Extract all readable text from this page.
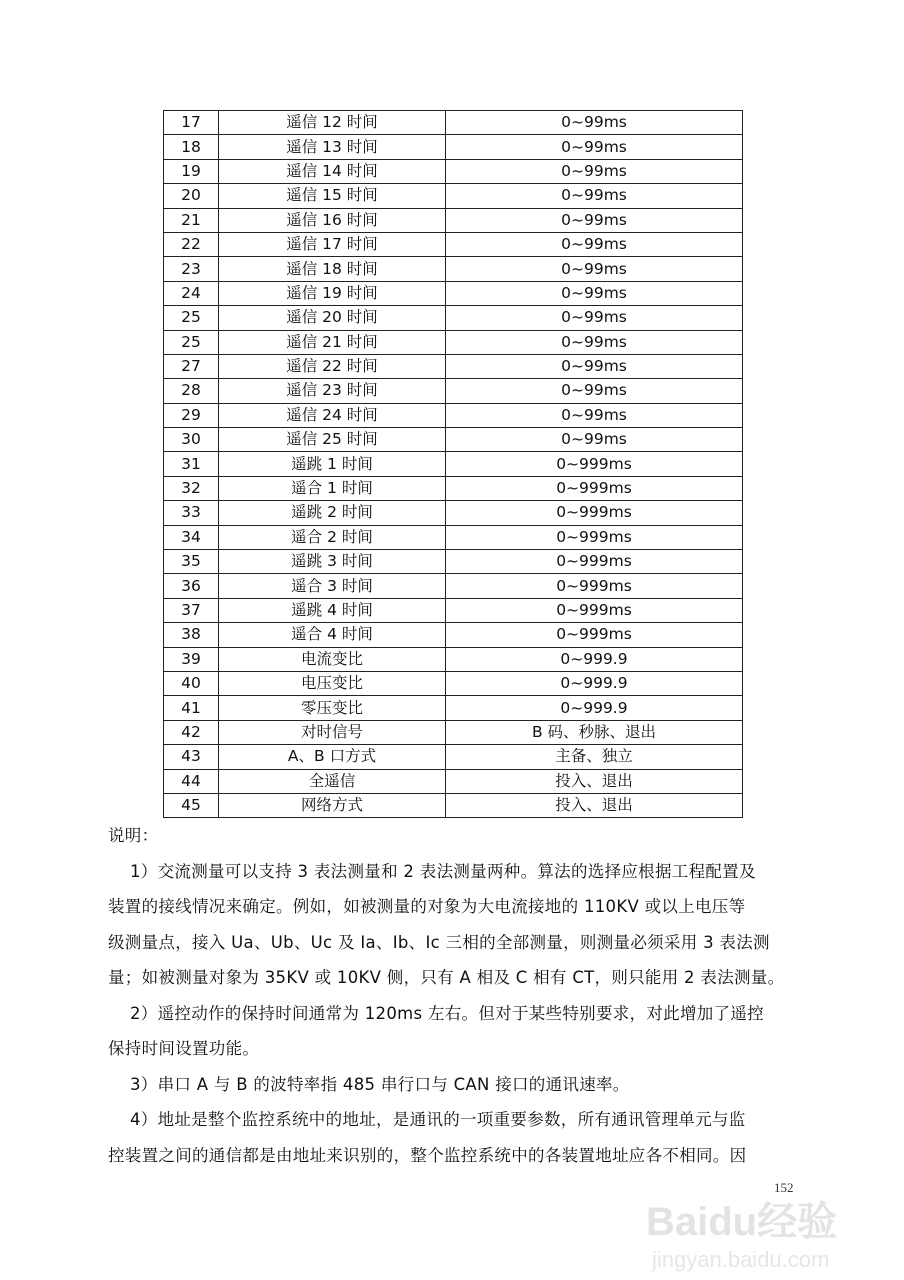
17	遥信 12 时间	0~99ms
18	遥信 13 时间	0~99ms
19	遥信 14 时间	0~99ms
20	遥信 15 时间	0~99ms
21	遥信 16 时间	0~99ms
22	遥信 17 时间	0~99ms
23	遥信 18 时间	0~99ms
24	遥信 19 时间	0~99ms
25	遥信 20 时间	0~99ms
25	遥信 21 时间	0~99ms
27	遥信 22 时间	0~99ms
28	遥信 23 时间	0~99ms
29	遥信 24 时间	0~99ms
30	遥信 25 时间	0~99ms
31	遥跳 1 时间	0~999ms
32	遥合 1 时间	0~999ms
33	遥跳 2 时间	0~999ms
34	遥合 2 时间	0~999ms
35	遥跳 3 时间	0~999ms
36	遥合 3 时间	0~999ms
37	遥跳 4 时间	0~999ms
38	遥合 4 时间	0~999ms
39	电流变比	0~999.9
40	电压变比	0~999.9
41	零压变比	0~999.9
42	对时信号	B 码、秒脉、退出
43	A、B 口方式	主备、独立
44	全遥信	投入、退出
45	网络方式	投入、退出
说明：
1）交流测量可以支持 3 表法测量和 2 表法测量两种。算法的选择应根据工程配置及
装置的接线情况来确定。例如，如被测量的对象为大电流接地的 110KV 或以上电压等
级测量点，接入 Ua、Ub、Uc 及 Ia、Ib、Ic 三相的全部测量，则测量必须采用 3 表法测
量；如被测量对象为 35KV 或 10KV 侧，只有 A 相及 C 相有 CT，则只能用 2 表法测量。
2）遥控动作的保持时间通常为 120ms 左右。但对于某些特别要求，对此增加了遥控
保持时间设置功能。
3）串口 A 与 B 的波特率指 485 串行口与 CAN 接口的通讯速率。
4）地址是整个监控系统中的地址，是通讯的一项重要参数，所有通讯管理单元与监
控装置之间的通信都是由地址来识别的，整个监控系统中的各装置地址应各不相同。因
152
Baidu经验
jingyan.baidu.com
